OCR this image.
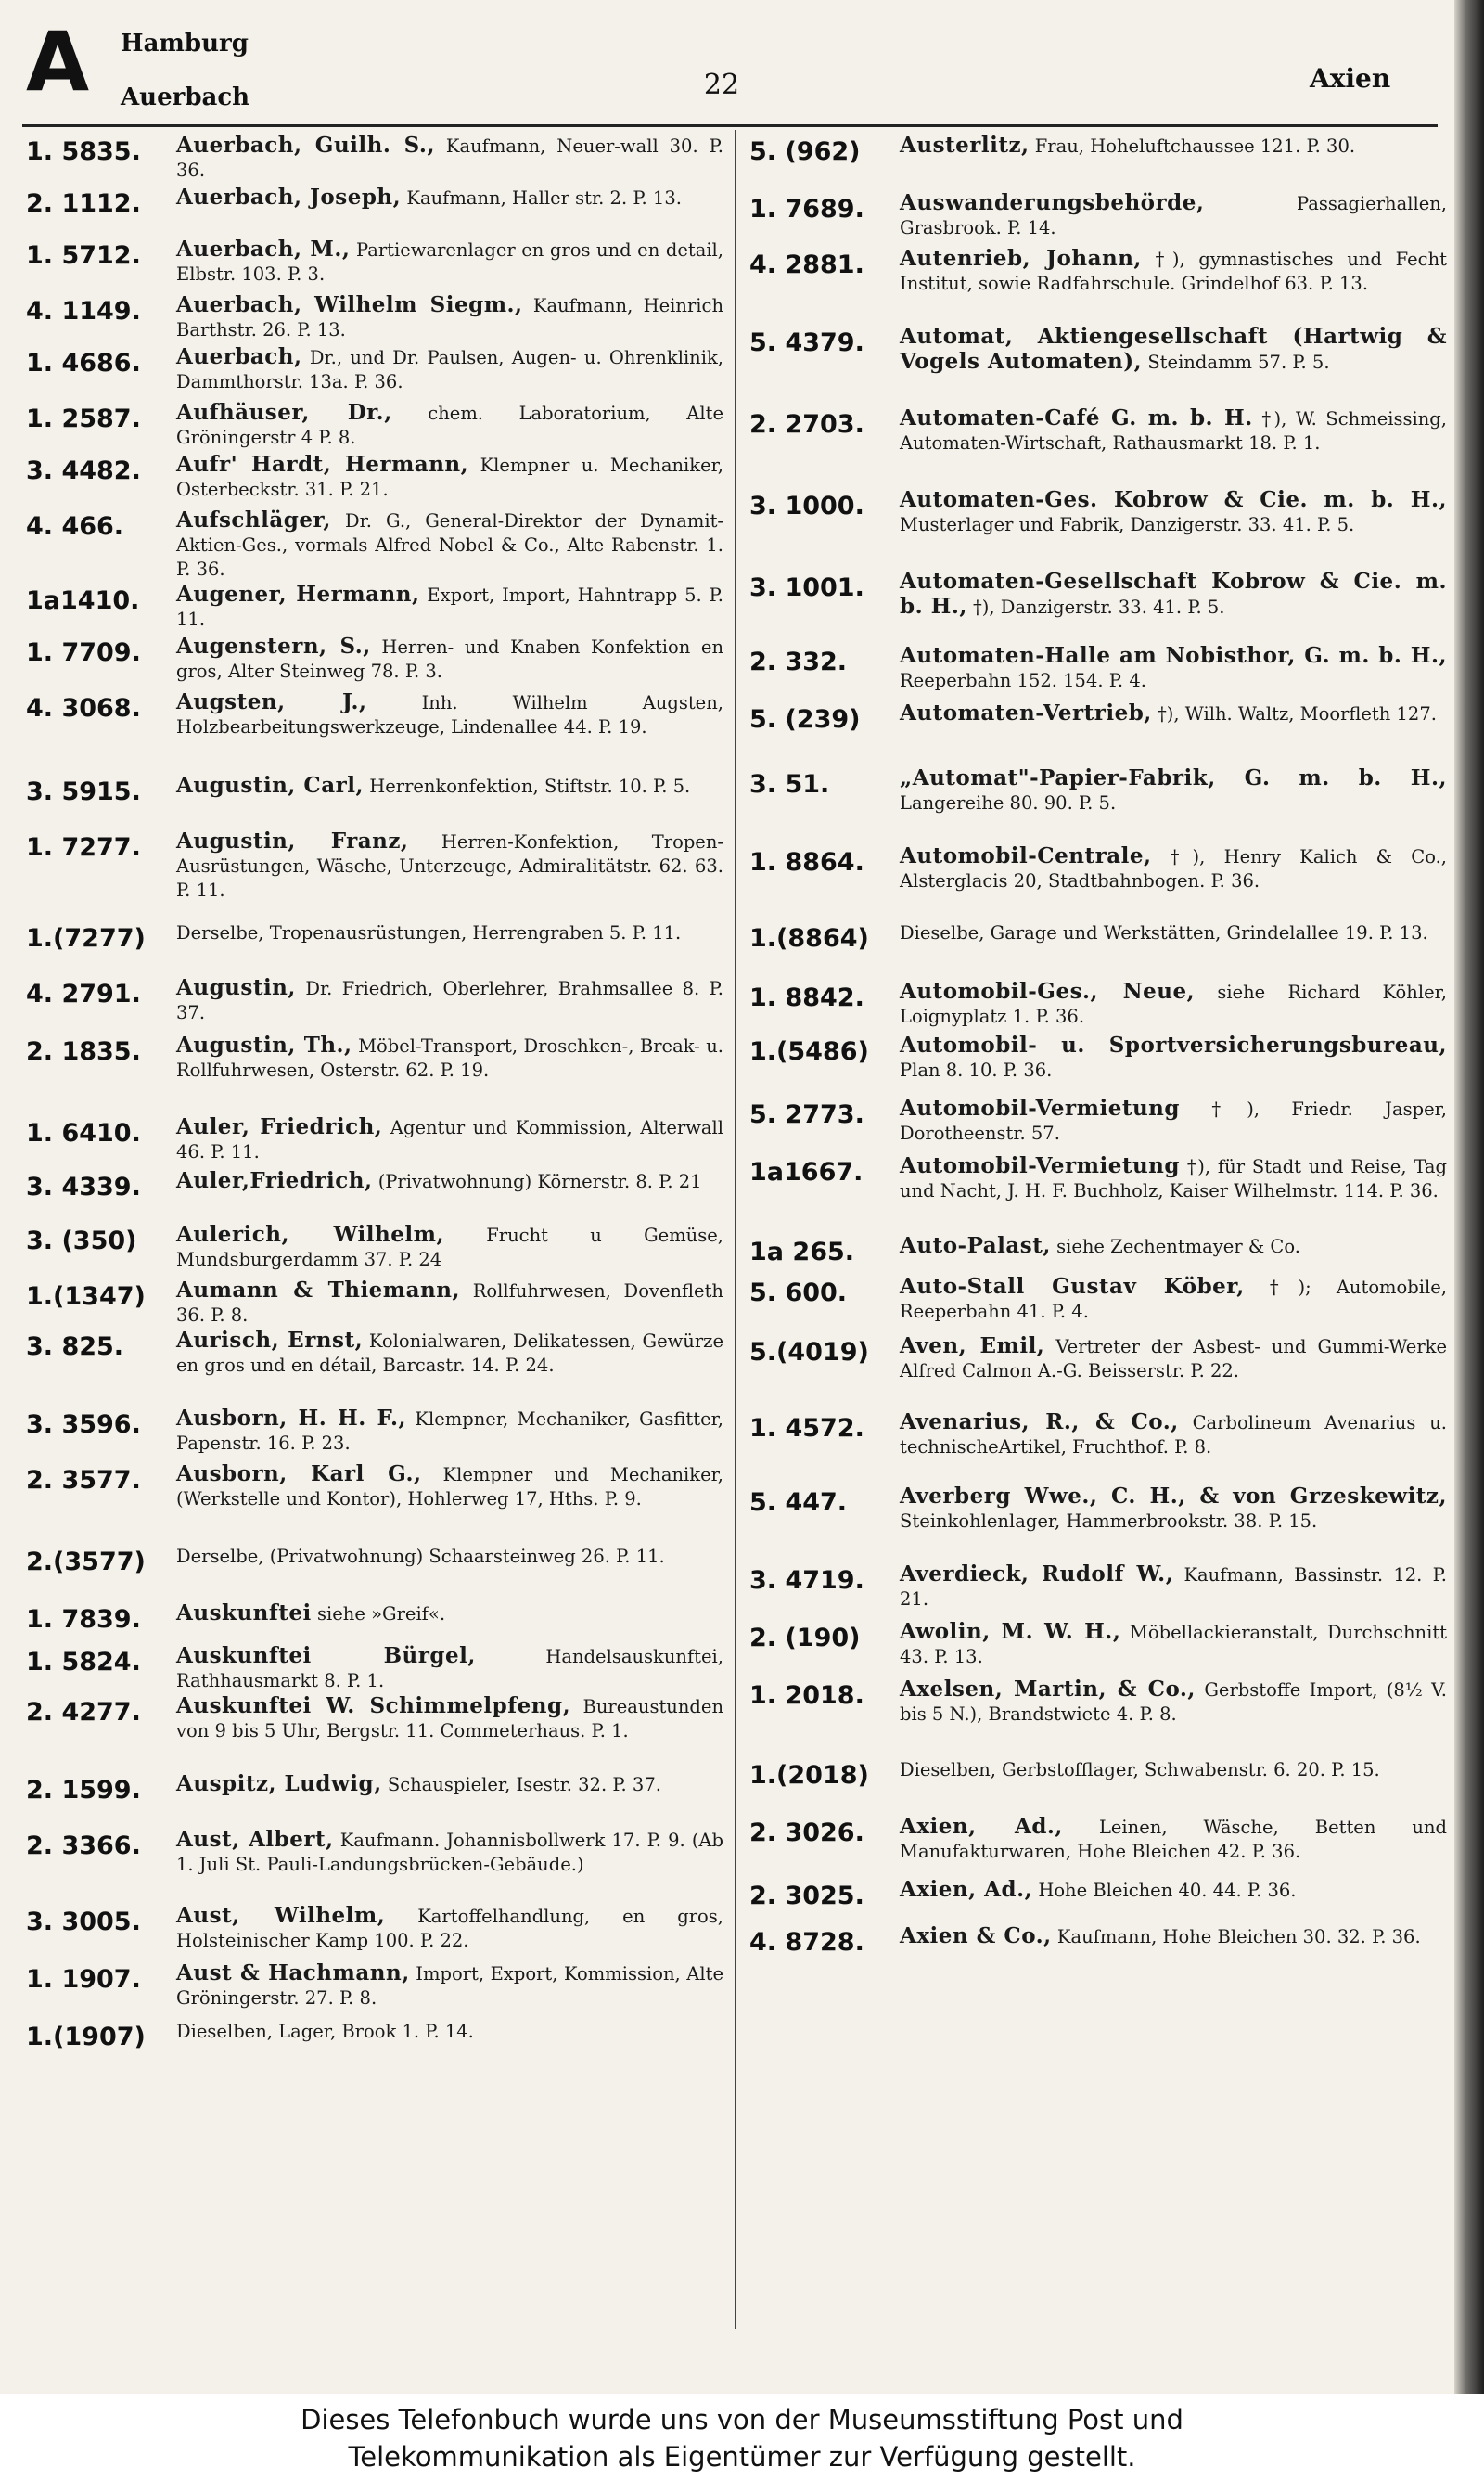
A Hamburg
Auerbach	22	Axien
1. 5835.	Auerbach, Guilh. S., Kaufmann, Neuer-wall 30. P. 36.
2. 1112.	Auerbach, Joseph, Kaufmann, Haller str. 2. P. 13.
1. 5712.	Auerbach, M., Partiewarenlager en gros und en detail, Elbstr. 103. P. 3.
4. 1149.	Auerbach, Wilhelm Siegm., Kaufmann, Heinrich Barthstr. 26. P. 13.
1. 4686.	Auerbach, Dr., und Dr. Paulsen, Augen- u. Ohrenklinik, Dammthorstr. 13a. P. 36.
1. 2587.	Aufhäuser, Dr., chem. Laboratorium, Alte Gröningerstr 4 P. 8.
3. 4482.	Aufr' Hardt, Hermann, Klempner u. Mechaniker, Osterbeckstr. 31. P. 21.
4. 466.	Aufschläger, Dr. G., General-Direktor der Dynamit-Aktien-Ges., vormals Alfred Nobel & Co., Alte Rabenstr. 1. P. 36.
1a1410.	Augener, Hermann, Export, Import, Hahntrapp 5. P. 11.
1. 7709.	Augenstern, S., Herren- und Knaben Konfektion en gros, Alter Steinweg 78. P. 3.
4. 3068.	Augsten, J.,	Inh. Wilhelm Augsten, Holzbearbeitungswerkzeuge, Lindenallee 44. P. 19.
3. 5915.	Augustin, Carl, Herrenkonfektion, Stiftstr. 10. P. 5.
1. 7277.	Augustin, Franz, Herren-Konfektion, Tropen-Ausrüstungen, Wäsche, Unterzeuge, Admiralitätstr. 62. 63. P. 11.
1.(7277)	Derselbe, Tropenausrüstungen, Herrengraben 5. P. 11.
4. 2791.	Augustin, Dr. Friedrich, Oberlehrer, Brahmsallee 8. P. 37.
2. 1835.	Augustin, Th., Möbel-Transport, Droschken-, Break- u. Rollfuhrwesen, Osterstr. 62. P. 19.
1. 6410.	Auler, Friedrich, Agentur und Kommission, Alterwall 46. P. 11.
3. 4339.	Auler,Friedrich, (Privatwohnung) Körnerstr. 8. P. 21
3. (350)	Aulerich, Wilhelm, Frucht u Gemüse, Mundsburgerdamm 37. P. 24
1.(1347)	Aumann & Thiemann, Rollfuhrwesen, Dovenfleth 36. P. 8.
3. 825.	Aurisch, Ernst, Kolonialwaren, Delikatessen, Gewürze en gros und en détail, Barcastr. 14. P. 24.
3. 3596.	Ausborn, H. H. F., Klempner, Mechaniker, Gasfitter, Papenstr. 16. P. 23.
2. 3577.	Ausborn, Karl G., Klempner und Mechaniker, (Werkstelle und Kontor), Hohlerweg 17, Hths. P. 9.
2.(3577)	Derselbe, (Privatwohnung) Schaarsteinweg 26. P. 11.
1. 7839.	Auskunftei siehe »Greif«.
1. 5824.	Auskunftei Bürgel,	Handelsauskunftei, Rathhausmarkt 8. P. 1.
2. 4277.	Auskunftei W. Schimmelpfeng, Bureaustunden von 9 bis 5 Uhr, Bergstr. 11. Commeterhaus. P. 1.
2. 1599.	Auspitz, Ludwig, Schauspieler, Isestr. 32. P. 37.
2. 3366.	Aust, Albert, Kaufmann. Johannisbollwerk 17. P. 9. (Ab 1. Juli St. Pauli-Landungsbrücken-Gebäude.)
3. 3005.	Aust, Wilhelm, Kartoffelhandlung, en gros, Holsteinischer Kamp 100. P. 22.
1. 1907.	Aust & Hachmann, Import, Export, Kommission, Alte Gröningerstr. 27. P. 8.
1.(1907)	Dieselben, Lager, Brook 1. P. 14.
5. (962)	Austerlitz, Frau, Hoheluftchaussee 121. P. 30.
1. 7689.	Auswanderungsbehörde,	Passagierhallen, Grasbrook. P. 14.
4. 2881.	Autenrieb, Johann, †), gymnastisches und Fecht Institut, sowie Radfahrschule. Grindelhof 63. P. 13.
5. 4379.	Automat, Aktiengesellschaft (Hartwig & Vogels Automaten), Steindamm 57. P. 5.
2. 2703.	Automaten-Café G. m. b. H. †), W. Schmeissing, Automaten-Wirtschaft, Rathausmarkt 18. P. 1.
3. 1000.	Automaten-Ges. Kobrow & Cie. m. b. H., Musterlager und Fabrik, Danzigerstr. 33. 41. P. 5.
3. 1001.	Automaten-Gesellschaft Kobrow & Cie. m. b. H., †), Danzigerstr. 33. 41. P. 5.
2. 332.	Automaten-Halle am Nobisthor, G. m. b. H., Reeperbahn 152. 154. P. 4.
5. (239)	Automaten-Vertrieb, †), Wilh. Waltz, Moorfleth 127.
3. 51.	„Automat"-Papier-Fabrik, G. m. b. H., Langereihe 80. 90. P. 5.
1. 8864.	Automobil-Centrale, †), Henry Kalich & Co., Alsterglacis 20, Stadtbahnbogen. P. 36.
1.(8864)	Dieselbe, Garage und Werkstätten, Grindelallee 19. P. 13.
1. 8842.	Automobil-Ges., Neue, siehe Richard Köhler, Loignyplatz 1. P. 36.
1.(5486)	Automobil- u. Sportversicherungsbureau, Plan 8. 10. P. 36.
5. 2773.	Automobil-Vermietung †), Friedr. Jasper, Dorotheenstr. 57.
1a1667.	Automobil-Vermietung †), für Stadt und Reise, Tag und Nacht, J. H. F. Buchholz, Kaiser Wilhelmstr. 114. P. 36.
1a 265.	Auto-Palast, siehe Zechentmayer & Co.
5. 600.	Auto-Stall Gustav Köber, †); Automobile, Reeperbahn 41. P. 4.
5.(4019)	Aven, Emil, Vertreter der Asbest- und Gummi-Werke Alfred Calmon A.-G. Beisserstr. P. 22.
1. 4572.	Avenarius, R., & Co., Carbolineum Avenarius u. technischeArtikel, Fruchthof. P. 8.
5. 447.	Averberg Wwe., C. H., & von Grzeskewitz, Steinkohlenlager, Hammerbrookstr. 38. P. 15.
3. 4719.	Averdieck, Rudolf W., Kaufmann, Bassinstr. 12. P. 21.
2. (190)	Awolin, M. W. H., Möbellackieranstalt, Durchschnitt 43. P. 13.
1. 2018.	Axelsen, Martin, & Co., Gerbstoffe Import, (8½ V. bis 5 N.), Brandstwiete 4. P. 8.
1.(2018)	Dieselben, Gerbstofflager, Schwabenstr. 6. 20. P. 15.
2. 3026.	Axien, Ad., Leinen, Wäsche, Betten und Manufakturwaren, Hohe Bleichen 42. P. 36.
2. 3025.	Axien, Ad., Hohe Bleichen 40. 44. P. 36.
4. 8728.	Axien & Co., Kaufmann, Hohe Bleichen 30. 32. P. 36.
Dieses Telefonbuch wurde uns von der Museumsstiftung Post und
Telekommunikation als Eigentümer zur Verfügung gestellt.
